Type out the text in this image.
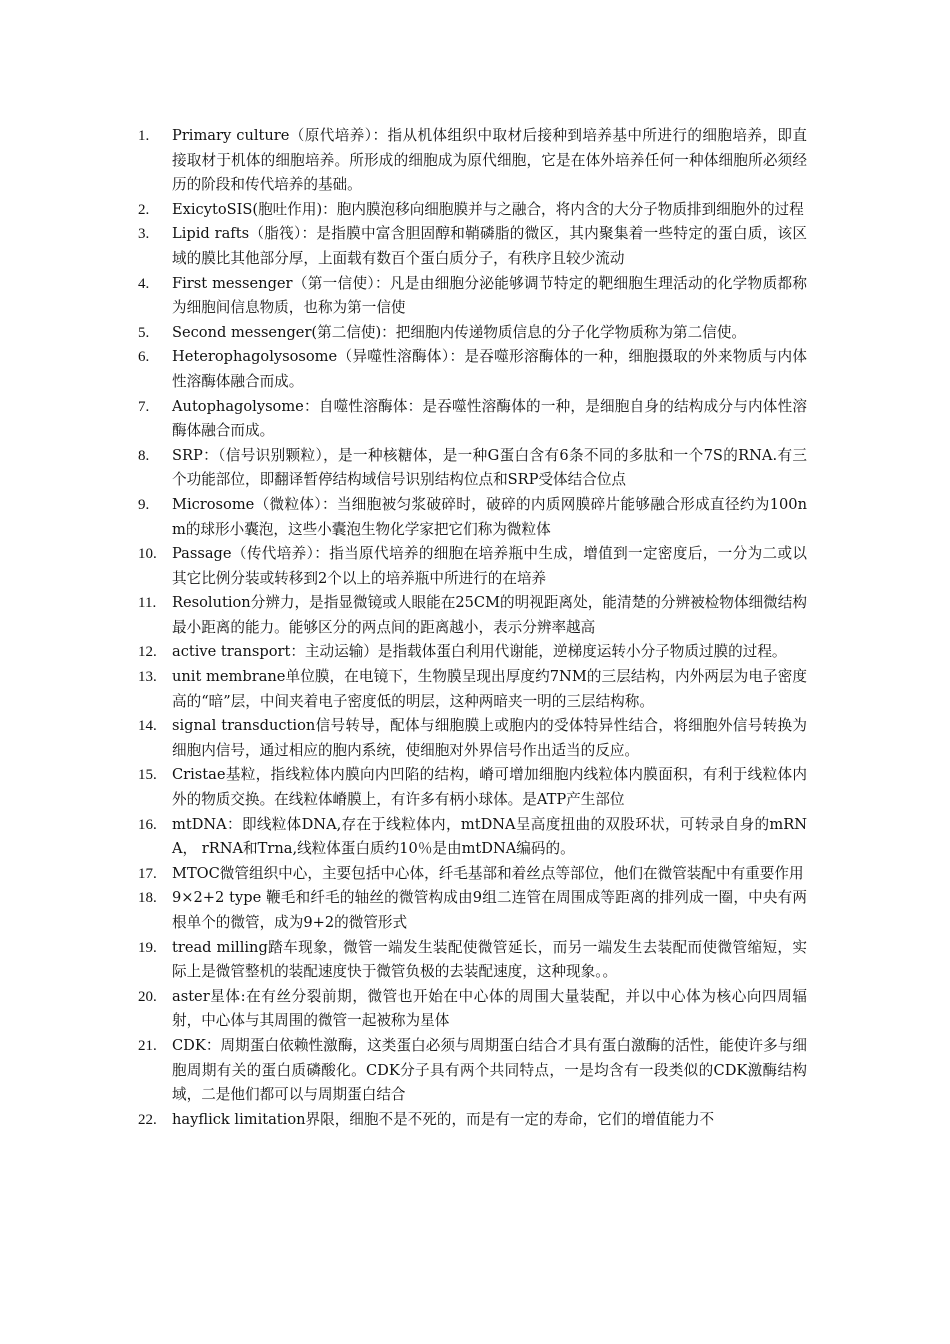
1.	Primary culture（原代培养）：指从机体组织中取材后接种到培养基中所进行的细胞培养，即直接取材于机体的细胞培养。所形成的细胞成为原代细胞，它是在体外培养任何一种体细胞所必须经历的阶段和传代培养的基础。
2.	ExicytoSIS(胞吐作用)：胞内膜泡移向细胞膜并与之融合，将内含的大分子物质排到细胞外的过程
3.	Lipid rafts（脂筏）：是指膜中富含胆固醇和鞘磷脂的微区，其内聚集着一些特定的蛋白质，该区域的膜比其他部分厚，上面载有数百个蛋白质分子，有秩序且较少流动
4.	First messenger（第一信使）：凡是由细胞分泌能够调节特定的靶细胞生理活动的化学物质都称为细胞间信息物质，也称为第一信使
5.	Second messenger(第二信使)：把细胞内传递物质信息的分子化学物质称为第二信使。
6.	Heterophagolysosome（异噬性溶酶体）：是吞噬形溶酶体的一种，细胞摄取的外来物质与内体性溶酶体融合而成。
7.	Autophagolysome：自噬性溶酶体：是吞噬性溶酶体的一种，是细胞自身的结构成分与内体性溶酶体融合而成。
8.	SRP：（信号识别颗粒），是一种核糖体，是一种G蛋白含有6条不同的多肽和一个7S的RNA.有三个功能部位，即翻译暂停结构域信号识别结构位点和SRP受体结合位点
9.	Microsome（微粒体）：当细胞被匀浆破碎时，破碎的内质网膜碎片能够融合形成直径约为100nm的球形小囊泡，这些小囊泡生物化学家把它们称为微粒体
10.	Passage（传代培养）：指当原代培养的细胞在培养瓶中生成，增值到一定密度后，一分为二或以其它比例分装或转移到2个以上的培养瓶中所进行的在培养
11.	Resolution分辨力，是指显微镜或人眼能在25CM的明视距离处，能清楚的分辨被检物体细微结构最小距离的能力。能够区分的两点间的距离越小，表示分辨率越高
12.	active transport：主动运输）是指载体蛋白利用代谢能，逆梯度运转小分子物质过膜的过程。
13.	unit membrane单位膜，在电镜下，生物膜呈现出厚度约7NM的三层结构，内外两层为电子密度高的“暗”层，中间夹着电子密度低的明层，这种两暗夹一明的三层结构称。
14.	signal transduction信号转导，配体与细胞膜上或胞内的受体特异性结合，将细胞外信号转换为细胞内信号，通过相应的胞内系统，使细胞对外界信号作出适当的反应。
15.	Cristae基粒，指线粒体内膜向内凹陷的结构，嵴可增加细胞内线粒体内膜面积，有利于线粒体内外的物质交换。在线粒体嵴膜上，有许多有柄小球体。是ATP产生部位
16.	mtDNA：即线粒体DNA,存在于线粒体内，mtDNA呈高度扭曲的双股环状，可转录自身的mRNA， rRNA和Trna,线粒体蛋白质约10％是由mtDNA编码的。
17.	MTOC微管组织中心，主要包括中心体，纤毛基部和着丝点等部位，他们在微管装配中有重要作用
18.	9×2+2 type 鞭毛和纤毛的轴丝的微管构成由9组二连管在周围成等距离的排列成一圈，中央有两根单个的微管，成为9+2的微管形式
19.	tread milling踏车现象，微管一端发生装配使微管延长，而另一端发生去装配而使微管缩短，实际上是微管整机的装配速度快于微管负极的去装配速度，这种现象。。
20.	aster星体:在有丝分裂前期，微管也开始在中心体的周围大量装配，并以中心体为核心向四周辐射，中心体与其周围的微管一起被称为星体
21.	CDK：周期蛋白依赖性激酶，这类蛋白必须与周期蛋白结合才具有蛋白激酶的活性，能使许多与细胞周期有关的蛋白质磷酸化。CDK分子具有两个共同特点，一是均含有一段类似的CDK激酶结构域，二是他们都可以与周期蛋白结合
22.	hayflick limitation界限，细胞不是不死的，而是有一定的寿命，它们的增值能力不
